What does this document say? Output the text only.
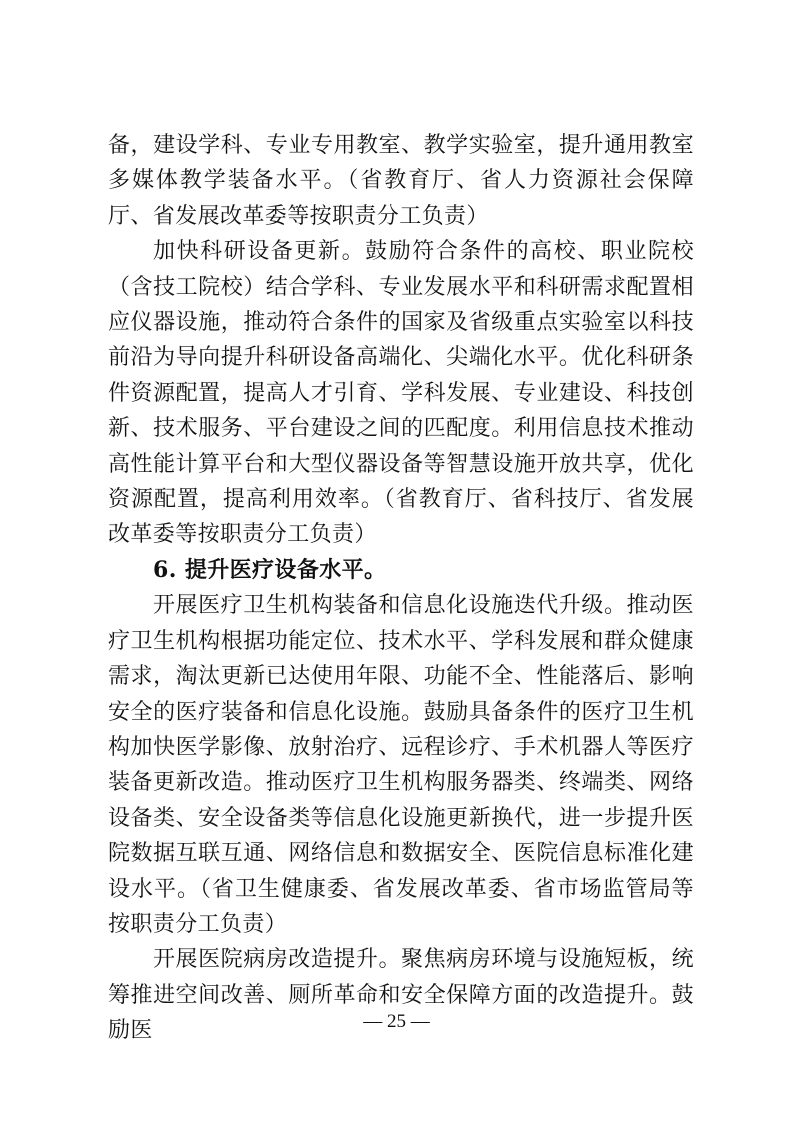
备，建设学科、专业专用教室、教学实验室，提升通用教室多媒体教学装备水平。（省教育厅、省人力资源社会保障厅、省发展改革委等按职责分工负责）

加快科研设备更新。鼓励符合条件的高校、职业院校（含技工院校）结合学科、专业发展水平和科研需求配置相应仪器设施，推动符合条件的国家及省级重点实验室以科技前沿为导向提升科研设备高端化、尖端化水平。优化科研条件资源配置，提高人才引育、学科发展、专业建设、科技创新、技术服务、平台建设之间的匹配度。利用信息技术推动高性能计算平台和大型仪器设备等智慧设施开放共享，优化资源配置，提高利用效率。（省教育厅、省科技厅、省发展改革委等按职责分工负责）

6. 提升医疗设备水平。

开展医疗卫生机构装备和信息化设施迭代升级。推动医疗卫生机构根据功能定位、技术水平、学科发展和群众健康需求，淘汰更新已达使用年限、功能不全、性能落后、影响安全的医疗装备和信息化设施。鼓励具备条件的医疗卫生机构加快医学影像、放射治疗、远程诊疗、手术机器人等医疗装备更新改造。推动医疗卫生机构服务器类、终端类、网络设备类、安全设备类等信息化设施更新换代，进一步提升医院数据互联互通、网络信息和数据安全、医院信息标准化建设水平。（省卫生健康委、省发展改革委、省市场监管局等按职责分工负责）

开展医院病房改造提升。聚焦病房环境与设施短板，统筹推进空间改善、厕所革命和安全保障方面的改造提升。鼓励医	— 25 —
